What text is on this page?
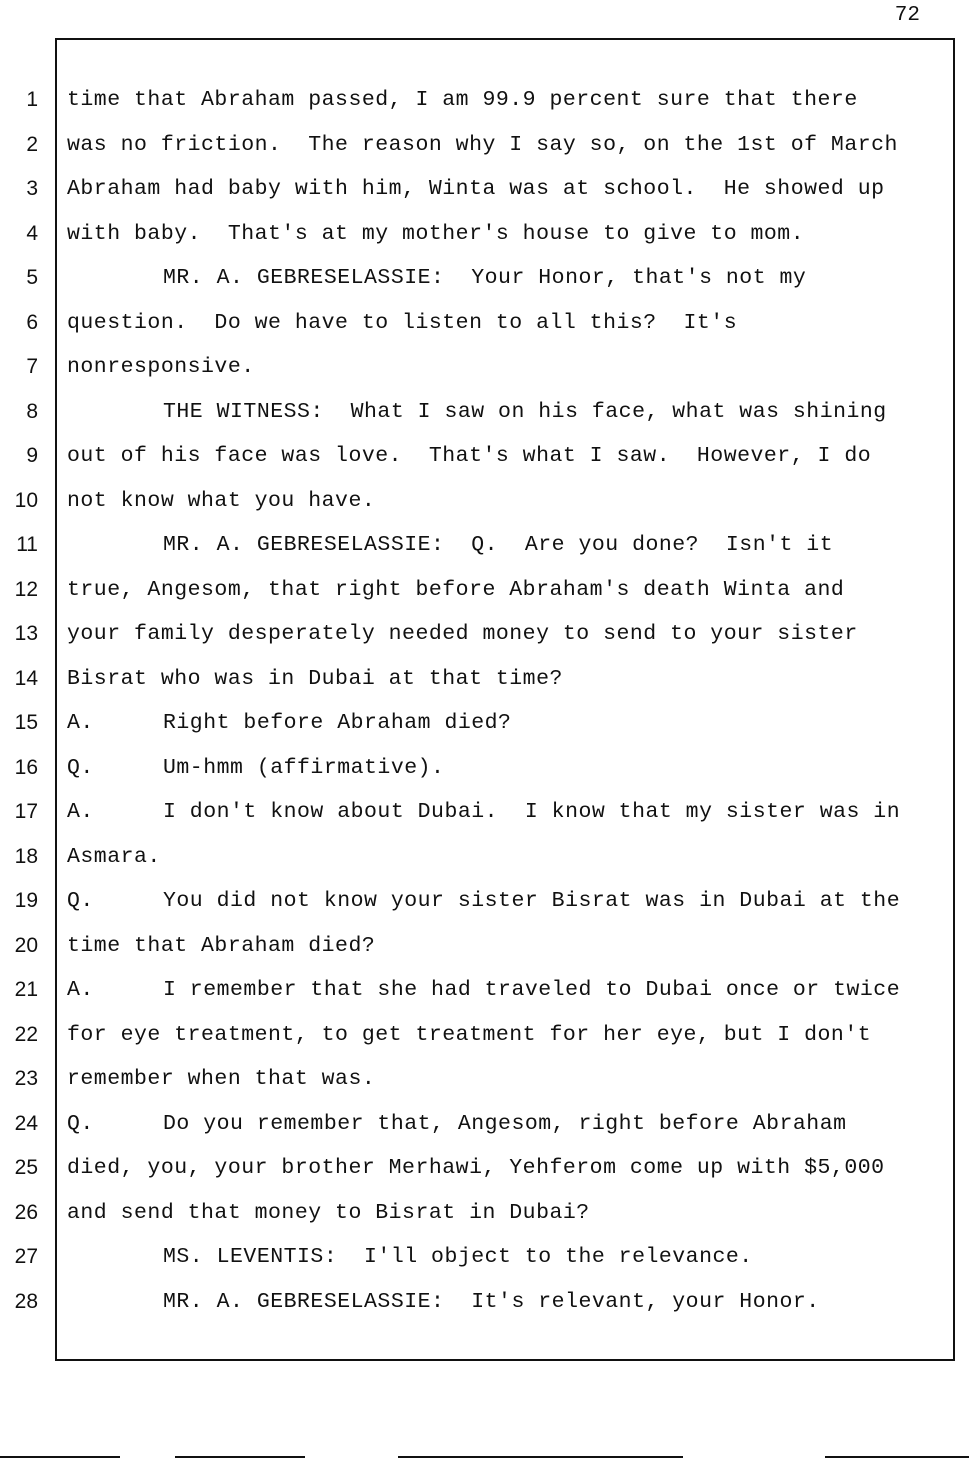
72
1
2
3
4
5
6
7
8
9
10
11
12
13
14
15
16
17
18
19
20
21
22
23
24
25
26
27
28
time that Abraham passed, I am 99.9 percent sure that there
was no friction.  The reason why I say so, on the 1st of March
Abraham had baby with him, Winta was at school.  He showed up
with baby.  That's at my mother's house to give to mom.
MR. A. GEBRESELASSIE:  Your Honor, that's not my
question.  Do we have to listen to all this?  It's
nonresponsive.
THE WITNESS:  What I saw on his face, what was shining
out of his face was love.  That's what I saw.  However, I do
not know what you have.
MR. A. GEBRESELASSIE:  Q.  Are you done?  Isn't it
true, Angesom, that right before Abraham's death Winta and
your family desperately needed money to send to your sister
Bisrat who was in Dubai at that time?
A.	Right before Abraham died?
Q.	Um-hmm (affirmative).
A.	I don't know about Dubai.  I know that my sister was in
Asmara.
Q.	You did not know your sister Bisrat was in Dubai at the
time that Abraham died?
A.	I remember that she had traveled to Dubai once or twice
for eye treatment, to get treatment for her eye, but I don't
remember when that was.
Q.	Do you remember that, Angesom, right before Abraham
died, you, your brother Merhawi, Yehferom come up with $5,000
and send that money to Bisrat in Dubai?
MS. LEVENTIS:  I'll object to the relevance.
MR. A. GEBRESELASSIE:  It's relevant, your Honor.
